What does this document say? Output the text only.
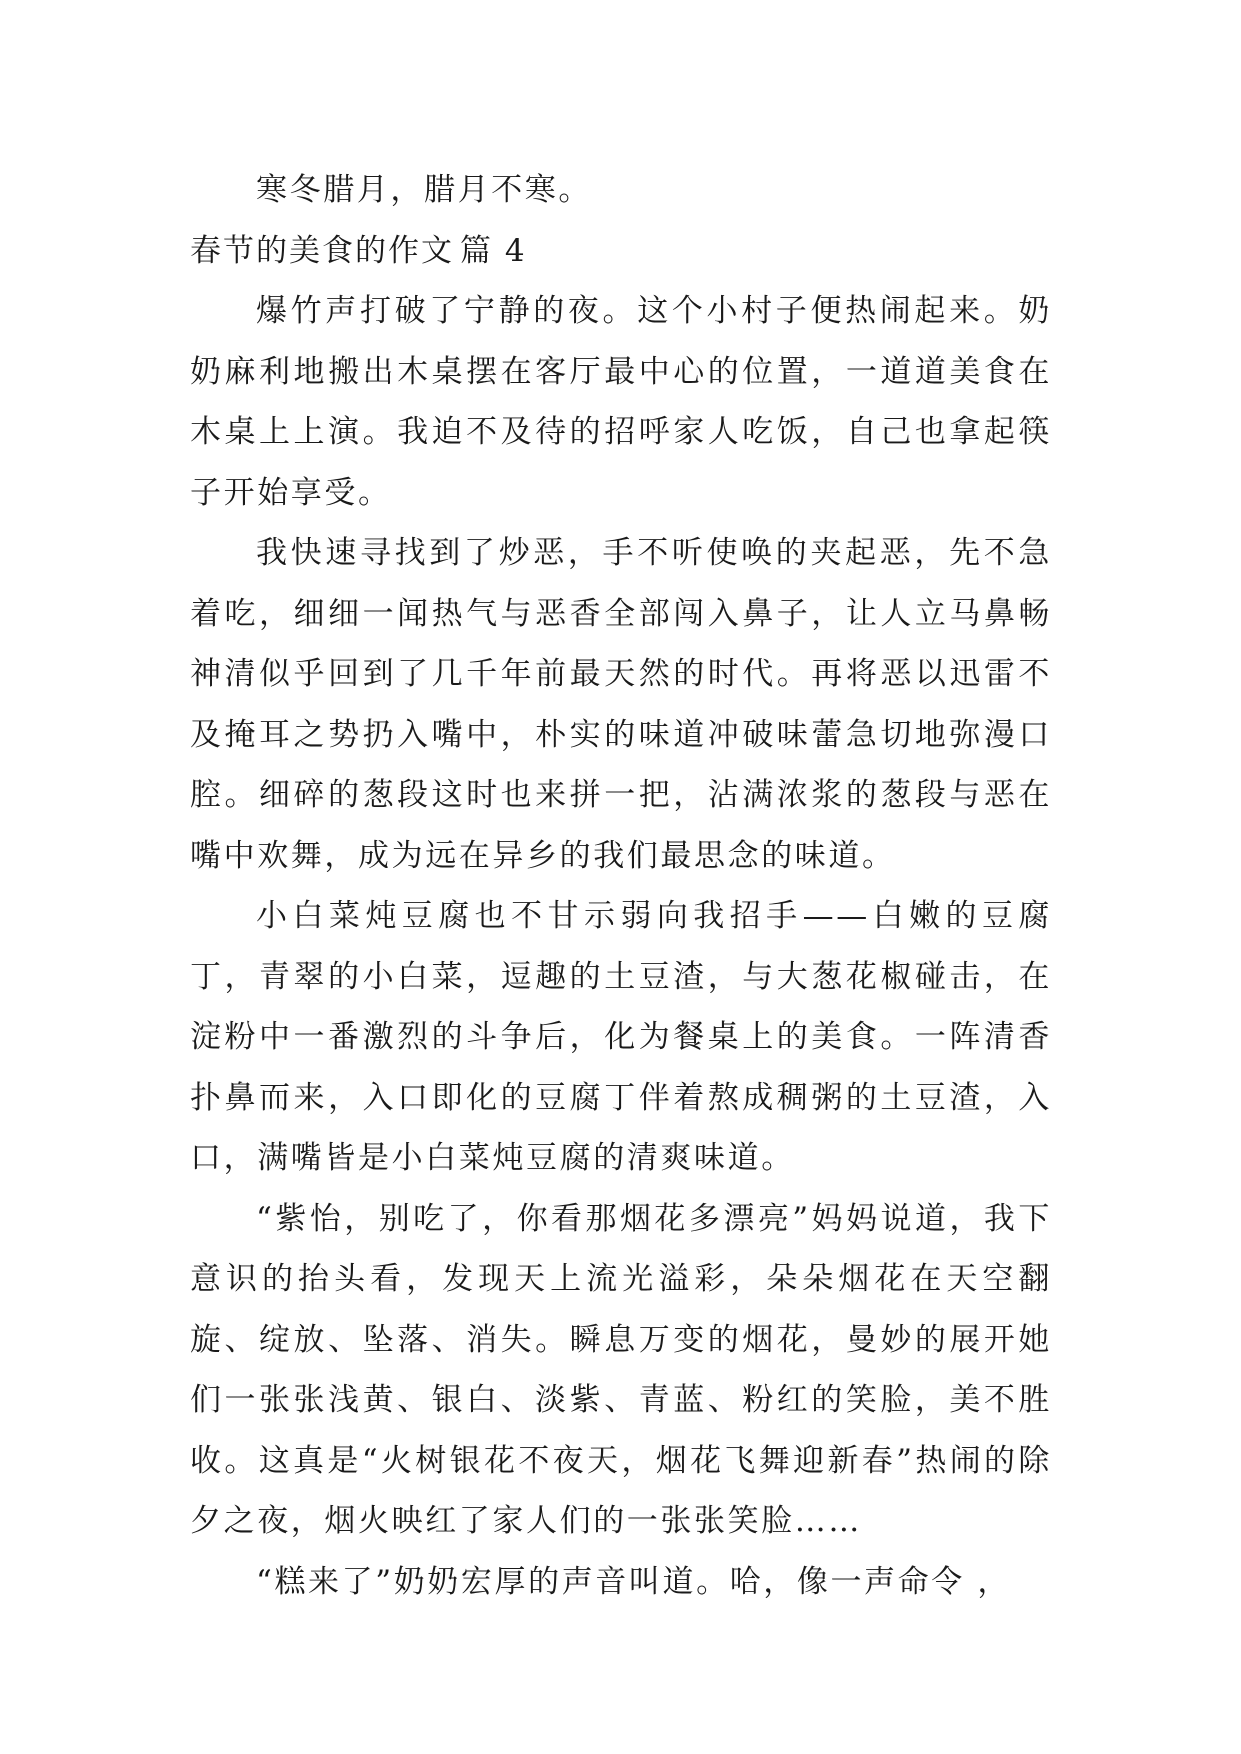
寒冬腊月，腊月不寒。

春节的美食的作文 篇 4

爆竹声打破了宁静的夜。这个小村子便热闹起来。奶奶麻利地搬出木桌摆在客厅最中心的位置，一道道美食在木桌上上演。我迫不及待的招呼家人吃饭，自己也拿起筷子开始享受。

我快速寻找到了炒恶，手不听使唤的夹起恶，先不急着吃，细细一闻热气与恶香全部闯入鼻子，让人立马鼻畅神清似乎回到了几千年前最天然的时代。再将恶以迅雷不及掩耳之势扔入嘴中，朴实的味道冲破味蕾急切地弥漫口腔。细碎的葱段这时也来拼一把，沾满浓浆的葱段与恶在嘴中欢舞，成为远在异乡的我们最思念的味道。

小白菜炖豆腐也不甘示弱向我招手——白嫩的豆腐丁，青翠的小白菜，逗趣的土豆渣，与大葱花椒碰击，在淀粉中一番激烈的斗争后，化为餐桌上的美食。一阵清香扑鼻而来，入口即化的豆腐丁伴着熬成稠粥的土豆渣，入口，满嘴皆是小白菜炖豆腐的清爽味道。

“紫怡，别吃了，你看那烟花多漂亮”妈妈说道，我下意识的抬头看，发现天上流光溢彩，朵朵烟花在天空翻旋、绽放、坠落、消失。瞬息万变的烟花，曼妙的展开她们一张张浅黄、银白、淡紫、青蓝、粉红的笑脸，美不胜收。这真是“火树银花不夜天，烟花飞舞迎新春”热闹的除夕之夜，烟火映红了家人们的一张张笑脸……

“糕来了”奶奶宏厚的声音叫道。哈，像一声命令 ，
